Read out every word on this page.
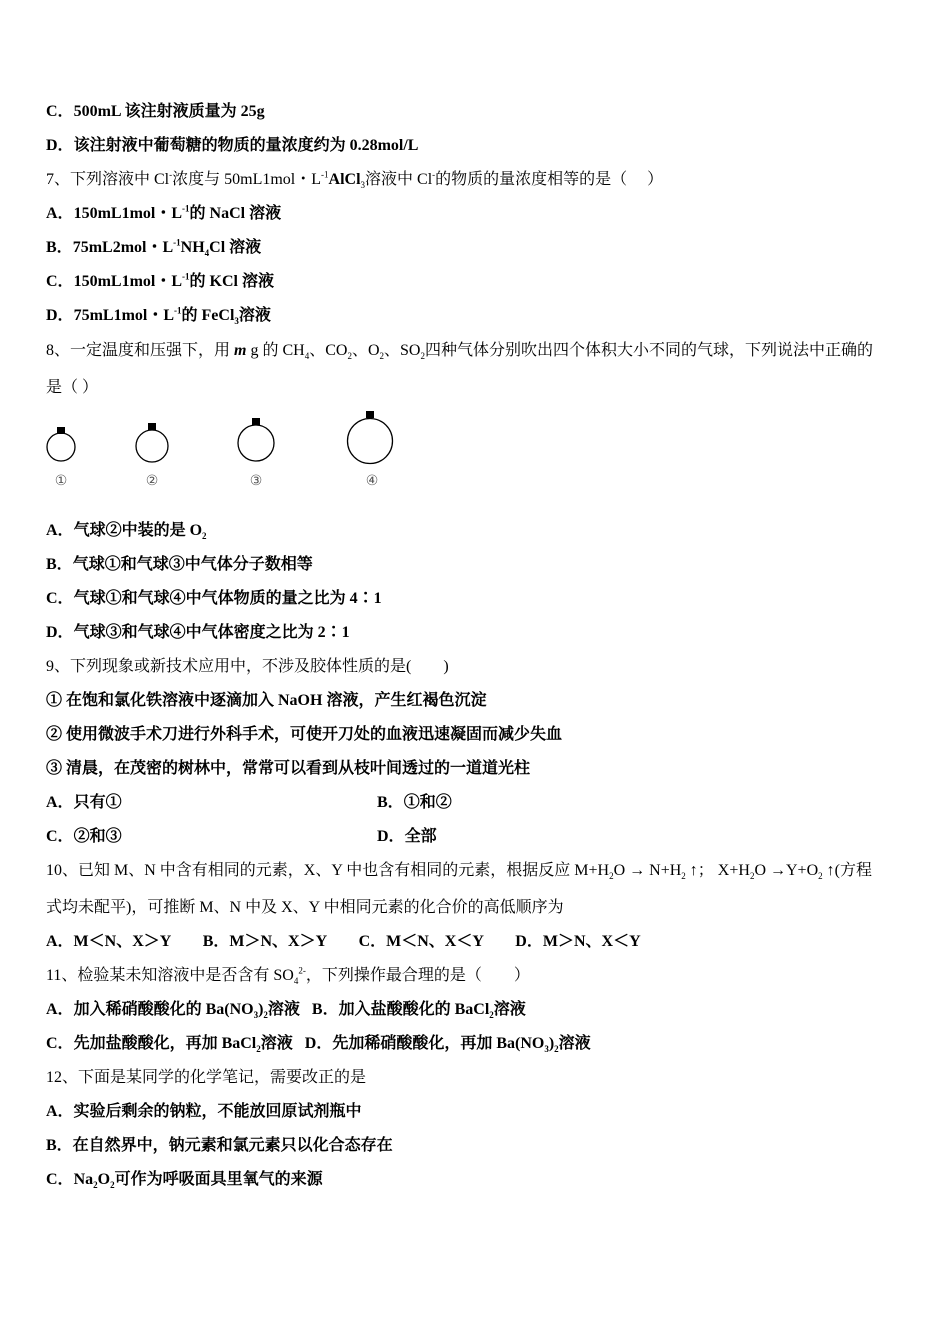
C．500mL 该注射液质量为 25g
D．该注射液中葡萄糖的物质的量浓度约为 0.28mol/L
7、下列溶液中 Cl-浓度与 50mL1mol・$L^{-1}AlCl_3$溶液中 Cl-的物质的量浓度相等的是（　 ）
A．150mL1mol・$L^{-1}$的 NaCl 溶液
B．75mL2mol・$L^{-1}NH_4Cl$ 溶液
C．150mL1mol・$L^{-1}$的 KCl 溶液
D．75mL1mol・$L^{-1}$的 FeCl$_3$溶液
8、一定温度和压强下，用 m g 的 $CH_4$、$CO_2$、$O_2$、$SO_2$四种气体分别吹出四个体积大小不同的气球，下列说法中正确的
是（ ）
①	②	③	④
A．气球②中装的是 $O_2$
B．气球①和气球③中气体分子数相等
C．气球①和气球④中气体物质的量之比为 4∶1
D．气球③和气球④中气体密度之比为 2∶1
9、下列现象或新技术应用中，不涉及胶体性质的是(　　)
① 在饱和氯化铁溶液中逐滴加入 NaOH 溶液，产生红褐色沉淀
② 使用微波手术刀进行外科手术，可使开刀处的血液迅速凝固而减少失血
③ 清晨，在茂密的树林中，常常可以看到从枝叶间透过的一道道光柱
A．只有①	B．①和②
C．②和③	D．全部
10、已知 M、N 中含有相同的元素，X、Y 中也含有相同的元素，根据反应 $M+H_2O \to N+H_2$ ↑； $X+H_2O \to Y+O_2$ ↑(方程
式均未配平)，可推断 M、N 中及 X、Y 中相同元素的化合价的高低顺序为
A．M＜N、X＞Y　　B．M＞N、X＞Y　　C．M＜N、X＜Y　　D．M＞N、X＜Y
11、检验某未知溶液中是否含有 $SO_4^{2-}$，下列操作最合理的是（　　）
A．加入稀硝酸酸化的 $Ba(NO_3)_2$溶液 B．加入盐酸酸化的 BaCl$_2$溶液
C．先加盐酸酸化，再加 BaCl$_2$溶液 D．先加稀硝酸酸化，再加 $Ba(NO_3)_2$溶液
12、下面是某同学的化学笔记，需要改正的是
A．实验后剩余的钠粒，不能放回原试剂瓶中
B．在自然界中，钠元素和氯元素只以化合态存在
C．$Na_2O_2$可作为呼吸面具里氧气的来源
